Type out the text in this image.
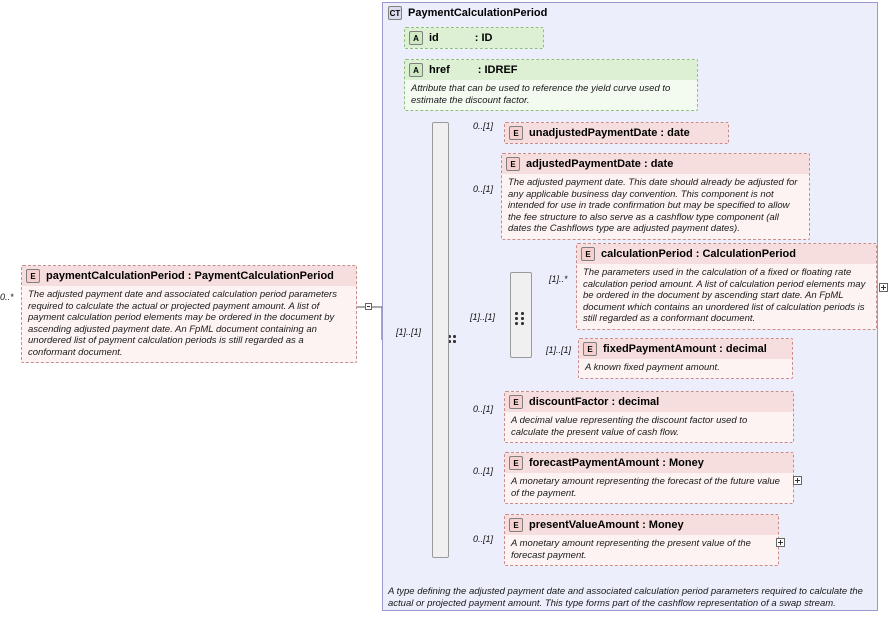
E paymentCalculationPeriod : PaymentCalculationPeriod
The adjusted payment date and associated calculation period parameters required to calculate the actual or projected payment amount. A list of payment calculation period elements may be ordered in the document by ascending adjusted payment date. An FpML document containing an unordered list of payment calculation periods is still regarded as a conformant document.
0..*
CT PaymentCalculationPeriod
A type defining the adjusted payment date and associated calculation period parameters required to calculate the actual or projected payment amount. This type forms part of the cashflow representation of a swap stream.
A id	: ID
A href	: IDREF
Attribute that can be used to reference the yield curve used to estimate the discount factor.
[1]..[1]
[1]..[1]
E unadjustedPaymentDate : date
0..[1]
E adjustedPaymentDate : date
The adjusted payment date. This date should already be adjusted for any applicable business day convention. This component is not intended for use in trade confirmation but may be specified to allow the fee structure to also serve as a cashflow type component (all dates the Cashflows type are adjusted payment dates).
0..[1]
E calculationPeriod : CalculationPeriod
The parameters used in the calculation of a fixed or floating rate calculation period amount. A list of calculation period elements may be ordered in the document by ascending start date. An FpML document which contains an unordered list of calculation periods is still regarded as a conformant document.
[1]..*
E fixedPaymentAmount : decimal
A known fixed payment amount.
[1]..[1]
E discountFactor : decimal
A decimal value representing the discount factor used to calculate the present value of cash flow.
0..[1]
E forecastPaymentAmount : Money
A monetary amount representing the forecast of the future value of the payment.
0..[1]
E presentValueAmount : Money
A monetary amount representing the present value of the forecast payment.
0..[1]
